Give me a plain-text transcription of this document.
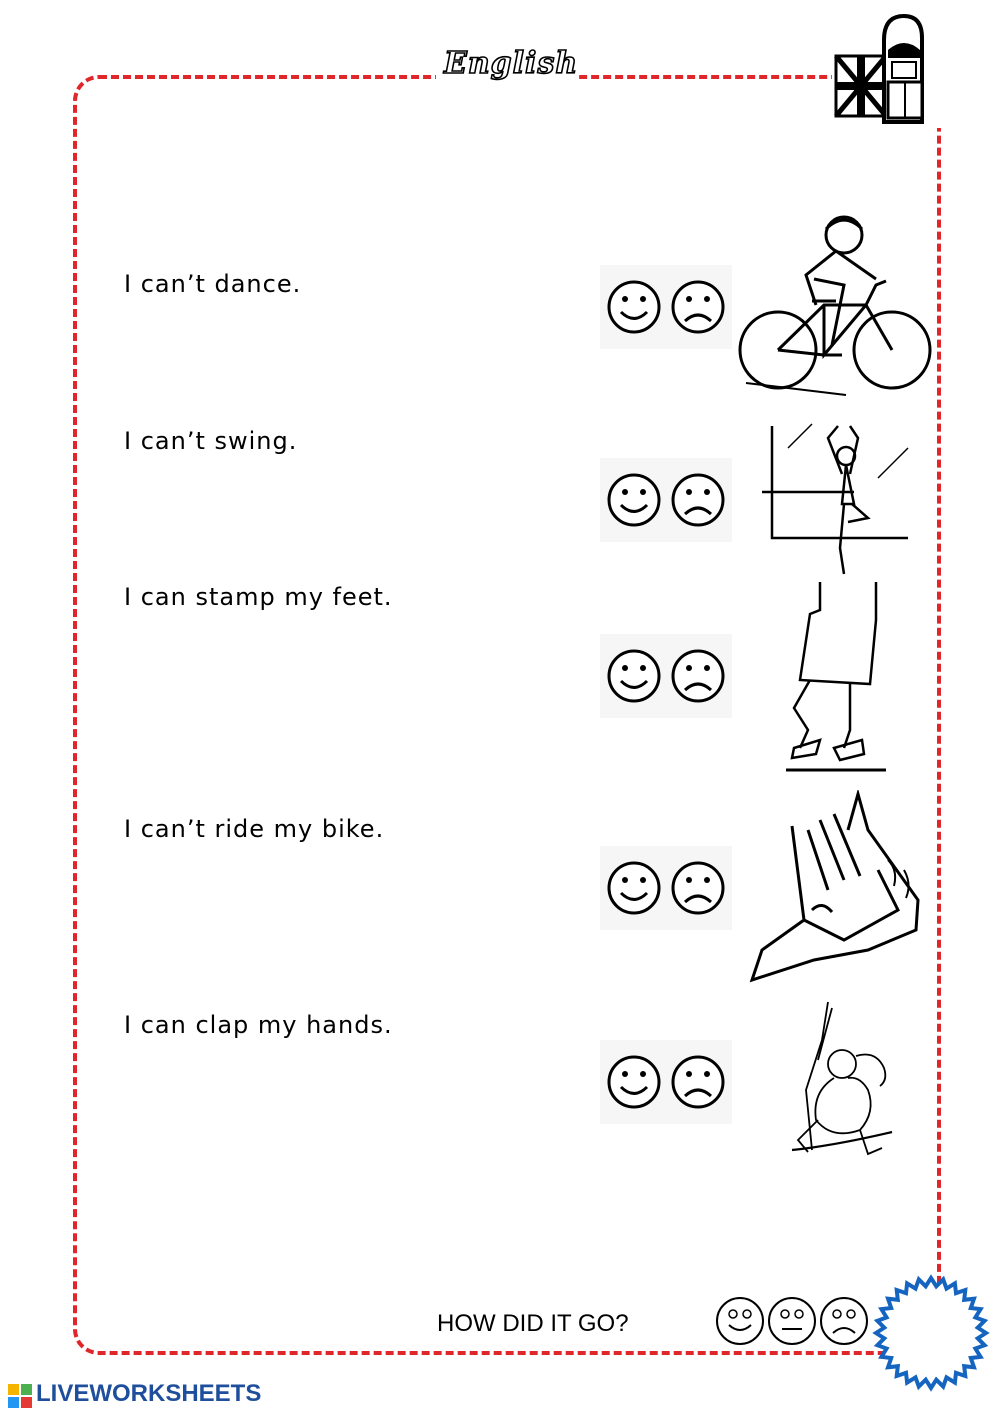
English
I can’t dance.
I can’t swing.
I can stamp my feet.
I can’t ride my bike.
I can clap my hands.
HOW DID IT GO?
LIVEWORKSHEETS
